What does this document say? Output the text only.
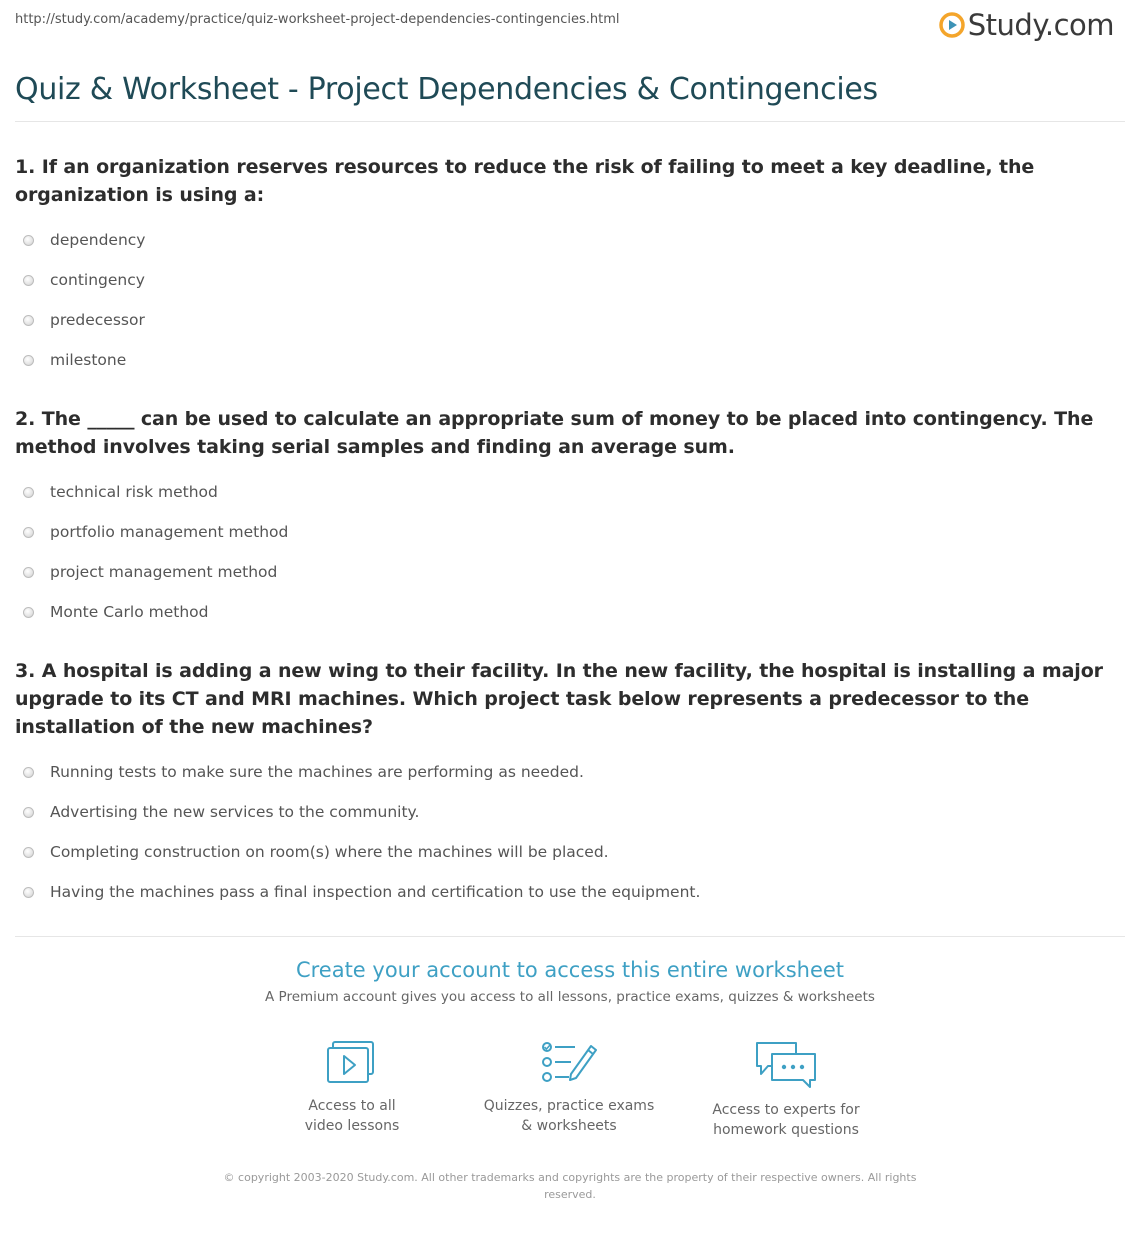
http://study.com/academy/practice/quiz-worksheet-project-dependencies-contingencies.html	Study.com
Quiz & Worksheet - Project Dependencies & Contingencies
1. If an organization reserves resources to reduce the risk of failing to meet a key deadline, the organization is using a:
dependency
contingency
predecessor
milestone
2. The _____ can be used to calculate an appropriate sum of money to be placed into contingency. The method involves taking serial samples and finding an average sum.
technical risk method
portfolio management method
project management method
Monte Carlo method
3. A hospital is adding a new wing to their facility. In the new facility, the hospital is installing a major upgrade to its CT and MRI machines. Which project task below represents a predecessor to the installation of the new machines?
Running tests to make sure the machines are performing as needed.
Advertising the new services to the community.
Completing construction on room(s) where the machines will be placed.
Having the machines pass a final inspection and certification to use the equipment.
Create your account to access this entire worksheet
A Premium account gives you access to all lessons, practice exams, quizzes & worksheets
Access to all
video lessons
Quizzes, practice exams
& worksheets
Access to experts for
homework questions
© copyright 2003-2020 Study.com. All other trademarks and copyrights are the property of their respective owners. All rights reserved.
